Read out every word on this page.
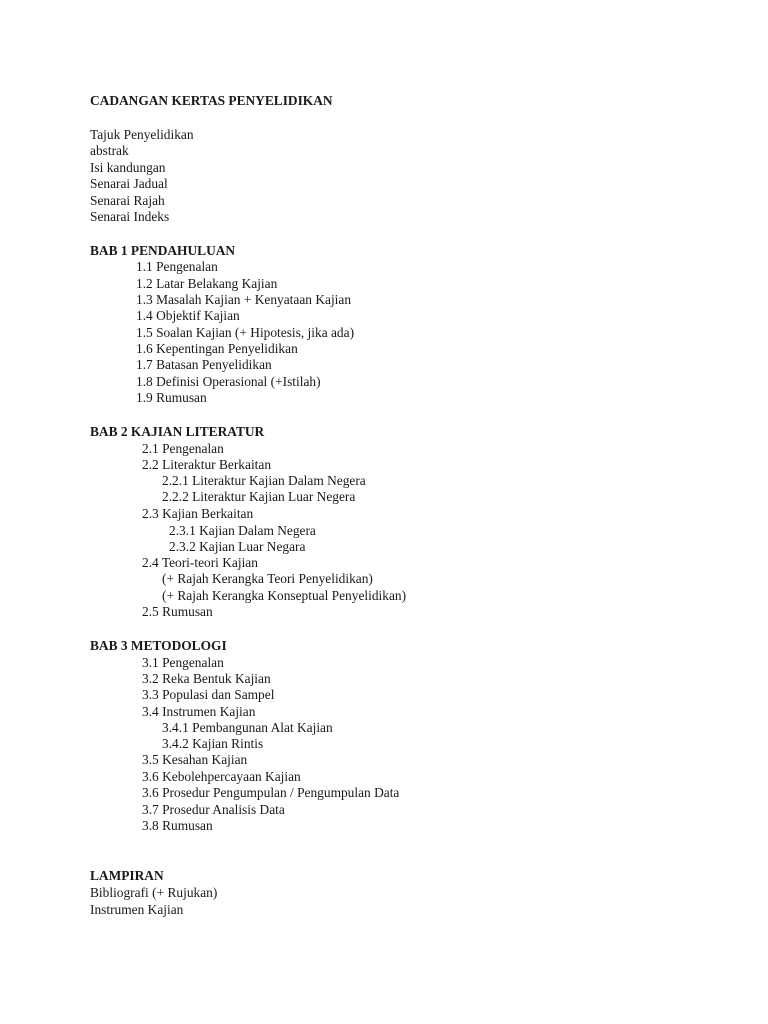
CADANGAN KERTAS PENYELIDIKAN
Tajuk Penyelidikan
abstrak
Isi kandungan
Senarai Jadual
Senarai Rajah
Senarai Indeks
BAB 1 PENDAHULUAN
1.1 Pengenalan
1.2 Latar Belakang Kajian
1.3 Masalah Kajian + Kenyataan Kajian
1.4 Objektif Kajian
1.5 Soalan Kajian (+ Hipotesis, jika ada)
1.6 Kepentingan Penyelidikan
1.7 Batasan Penyelidikan
1.8 Definisi Operasional (+Istilah)
1.9 Rumusan
BAB 2 KAJIAN LITERATUR
2.1 Pengenalan
2.2 Literaktur Berkaitan
2.2.1 Literaktur Kajian Dalam Negera
2.2.2 Literaktur Kajian Luar Negera
2.3 Kajian Berkaitan
2.3.1 Kajian Dalam Negera
2.3.2 Kajian Luar Negara
2.4 Teori-teori Kajian
(+ Rajah Kerangka Teori Penyelidikan)
(+ Rajah Kerangka Konseptual Penyelidikan)
2.5 Rumusan
BAB 3 METODOLOGI
3.1 Pengenalan
3.2 Reka Bentuk Kajian
3.3 Populasi dan Sampel
3.4 Instrumen Kajian
3.4.1 Pembangunan Alat Kajian
3.4.2 Kajian Rintis
3.5 Kesahan Kajian
3.6 Kebolehpercayaan Kajian
3.6 Prosedur Pengumpulan / Pengumpulan Data
3.7 Prosedur Analisis Data
3.8 Rumusan
LAMPIRAN
Bibliografi (+ Rujukan)
Instrumen Kajian
